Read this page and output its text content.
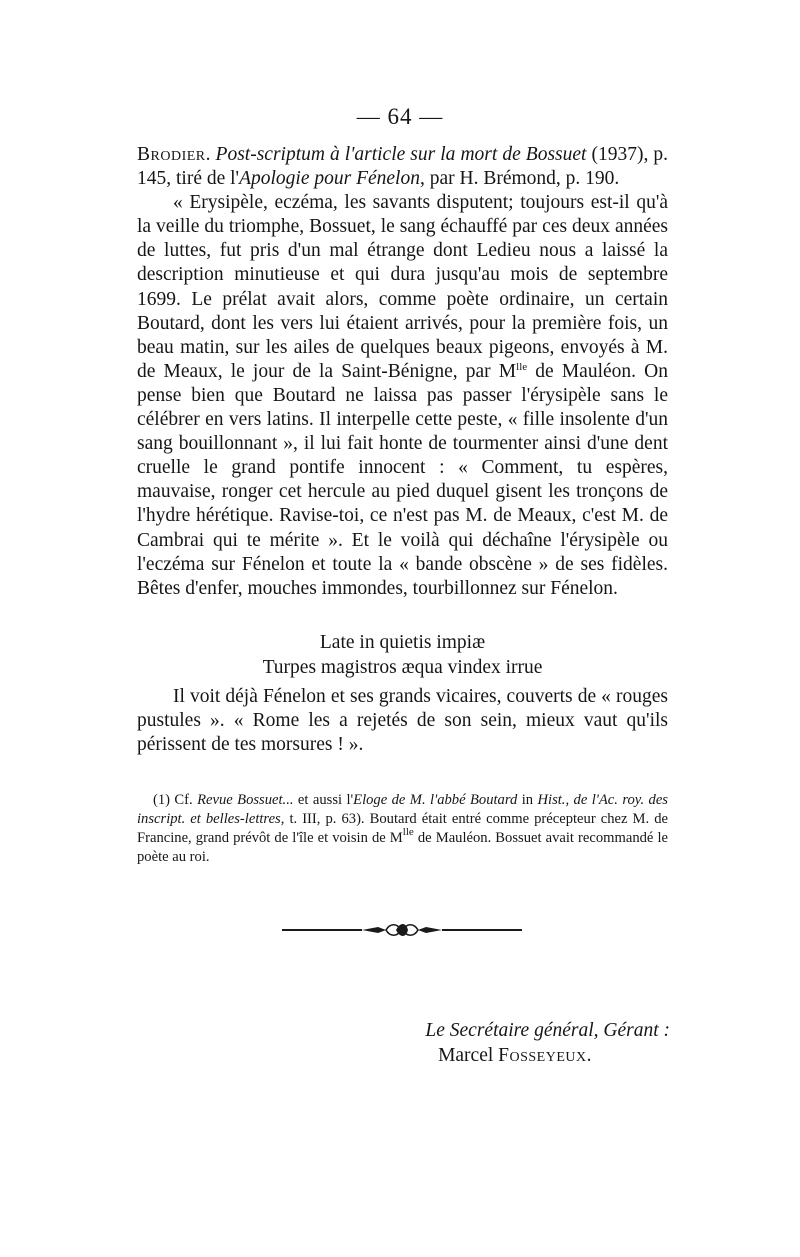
— 64 —

Brodier. Post-scriptum à l'article sur la mort de Bossuet (1937), p. 145, tiré de l'Apologie pour Fénelon, par H. Brémond, p. 190.

« Erysipèle, eczéma, les savants disputent; toujours est-il qu'à la veille du triomphe, Bossuet, le sang échauffé par ces deux années de luttes, fut pris d'un mal étrange dont Ledieu nous a laissé la description minutieuse et qui dura jusqu'au mois de septembre 1699. Le prélat avait alors, comme poète ordinaire, un certain Boutard, dont les vers lui étaient arrivés, pour la première fois, un beau matin, sur les ailes de quelques beaux pigeons, envoyés à M. de Meaux, le jour de la Saint-Bénigne, par $M^{lle}$ de Mauléon. On pense bien que Boutard ne laissa pas passer l'érysipèle sans le célébrer en vers latins. Il interpelle cette peste, « fille insolente d'un sang bouillonnant », il lui fait honte de tourmenter ainsi d'une dent cruelle le grand pontife innocent : « Comment, tu espères, mauvaise, ronger cet hercule au pied duquel gisent les tronçons de l'hydre hérétique. Ravise-toi, ce n'est pas M. de Meaux, c'est M. de Cambrai qui te mérite ». Et le voilà qui déchaîne l'érysipèle ou l'eczéma sur Fénelon et toute la « bande obscène » de ses fidèles. Bêtes d'enfer, mouches immondes, tourbillonnez sur Fénelon.

Late in quietis impiæ
Turpes magistros æqua vindex irrue

Il voit déjà Fénelon et ses grands vicaires, couverts de « rouges pustules ». « Rome les a rejetés de son sein, mieux vaut qu'ils périssent de tes morsures ! ».

(1) Cf. Revue Bossuet... et aussi l'Eloge de M. l'abbé Boutard in Hist., de l'Ac. roy. des inscript. et belles-lettres, t. III, p. 63). Boutard était entré comme précepteur chez M. de Francine, grand prévôt de l'île et voisin de $M^{lle}$ de Mauléon. Bossuet avait recommandé le poète au roi.

Le Secrétaire général, Gérant :
Marcel Fosseyeux.
